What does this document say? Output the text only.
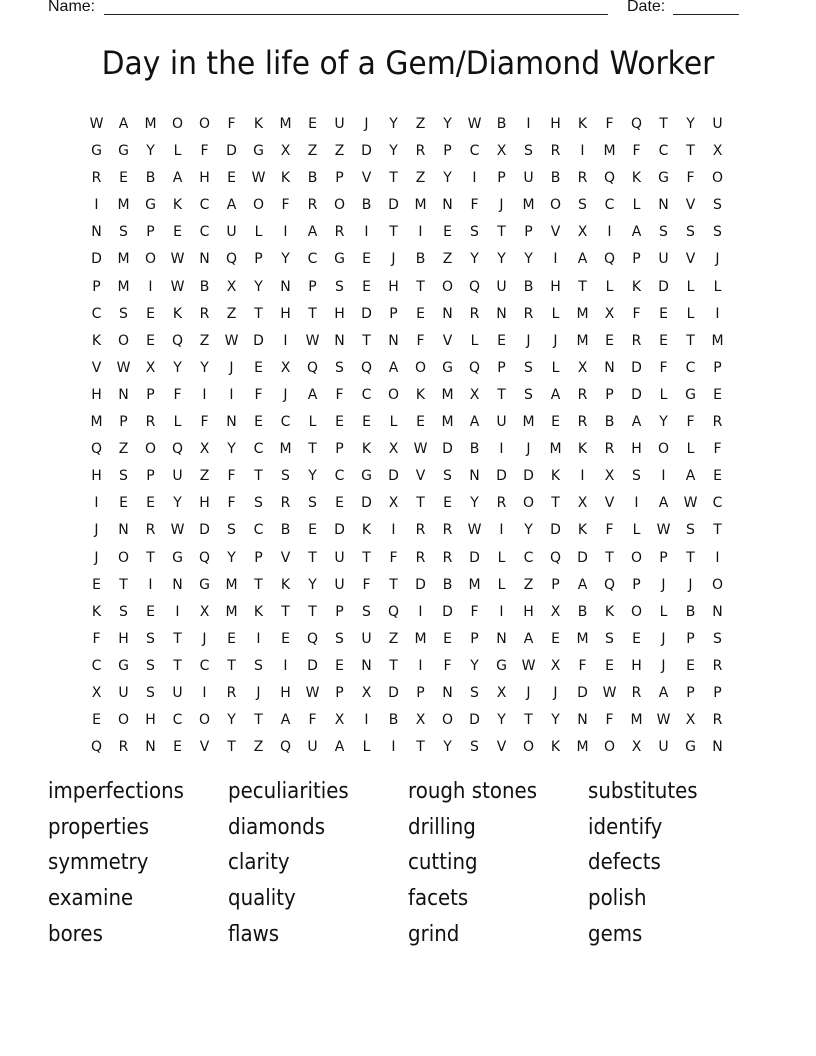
Name:	Date:
Day in the life of a Gem/Diamond Worker
W	A	M	O	O	F	K	M	E	U	J	Y	Z	Y	W	B	I	H	K	F	Q	T	Y	U
G	G	Y	L	F	D	G	X	Z	Z	D	Y	R	P	C	X	S	R	I	M	F	C	T	X
R	E	B	A	H	E	W	K	B	P	V	T	Z	Y	I	P	U	B	R	Q	K	G	F	O
I	M	G	K	C	A	O	F	R	O	B	D	M	N	F	J	M	O	S	C	L	N	V	S
N	S	P	E	C	U	L	I	A	R	I	T	I	E	S	T	P	V	X	I	A	S	S	S
D	M	O	W	N	Q	P	Y	C	G	E	J	B	Z	Y	Y	Y	I	A	Q	P	U	V	J
P	M	I	W	B	X	Y	N	P	S	E	H	T	O	Q	U	B	H	T	L	K	D	L	L
C	S	E	K	R	Z	T	H	T	H	D	P	E	N	R	N	R	L	M	X	F	E	L	I
K	O	E	Q	Z	W	D	I	W	N	T	N	F	V	L	E	J	J	M	E	R	E	T	M
V	W	X	Y	Y	J	E	X	Q	S	Q	A	O	G	Q	P	S	L	X	N	D	F	C	P
H	N	P	F	I	I	F	J	A	F	C	O	K	M	X	T	S	A	R	P	D	L	G	E
M	P	R	L	F	N	E	C	L	E	E	L	E	M	A	U	M	E	R	B	A	Y	F	R
Q	Z	O	Q	X	Y	C	M	T	P	K	X	W	D	B	I	J	M	K	R	H	O	L	F
H	S	P	U	Z	F	T	S	Y	C	G	D	V	S	N	D	D	K	I	X	S	I	A	E
I	E	E	Y	H	F	S	R	S	E	D	X	T	E	Y	R	O	T	X	V	I	A	W	C
J	N	R	W	D	S	C	B	E	D	K	I	R	R	W	I	Y	D	K	F	L	W	S	T
J	O	T	G	Q	Y	P	V	T	U	T	F	R	R	D	L	C	Q	D	T	O	P	T	I
E	T	I	N	G	M	T	K	Y	U	F	T	D	B	M	L	Z	P	A	Q	P	J	J	O
K	S	E	I	X	M	K	T	T	P	S	Q	I	D	F	I	H	X	B	K	O	L	B	N
F	H	S	T	J	E	I	E	Q	S	U	Z	M	E	P	N	A	E	M	S	E	J	P	S
C	G	S	T	C	T	S	I	D	E	N	T	I	F	Y	G	W	X	F	E	H	J	E	R
X	U	S	U	I	R	J	H	W	P	X	D	P	N	S	X	J	J	D	W	R	A	P	P
E	O	H	C	O	Y	T	A	F	X	I	B	X	O	D	Y	T	Y	N	F	M	W	X	R
Q	R	N	E	V	T	Z	Q	U	A	L	I	T	Y	S	V	O	K	M	O	X	U	G	N
imperfections	peculiarities	rough stones	substitutes
properties	diamonds	drilling	identify
symmetry	clarity	cutting	defects
examine	quality	facets	polish
bores	flaws	grind	gems
